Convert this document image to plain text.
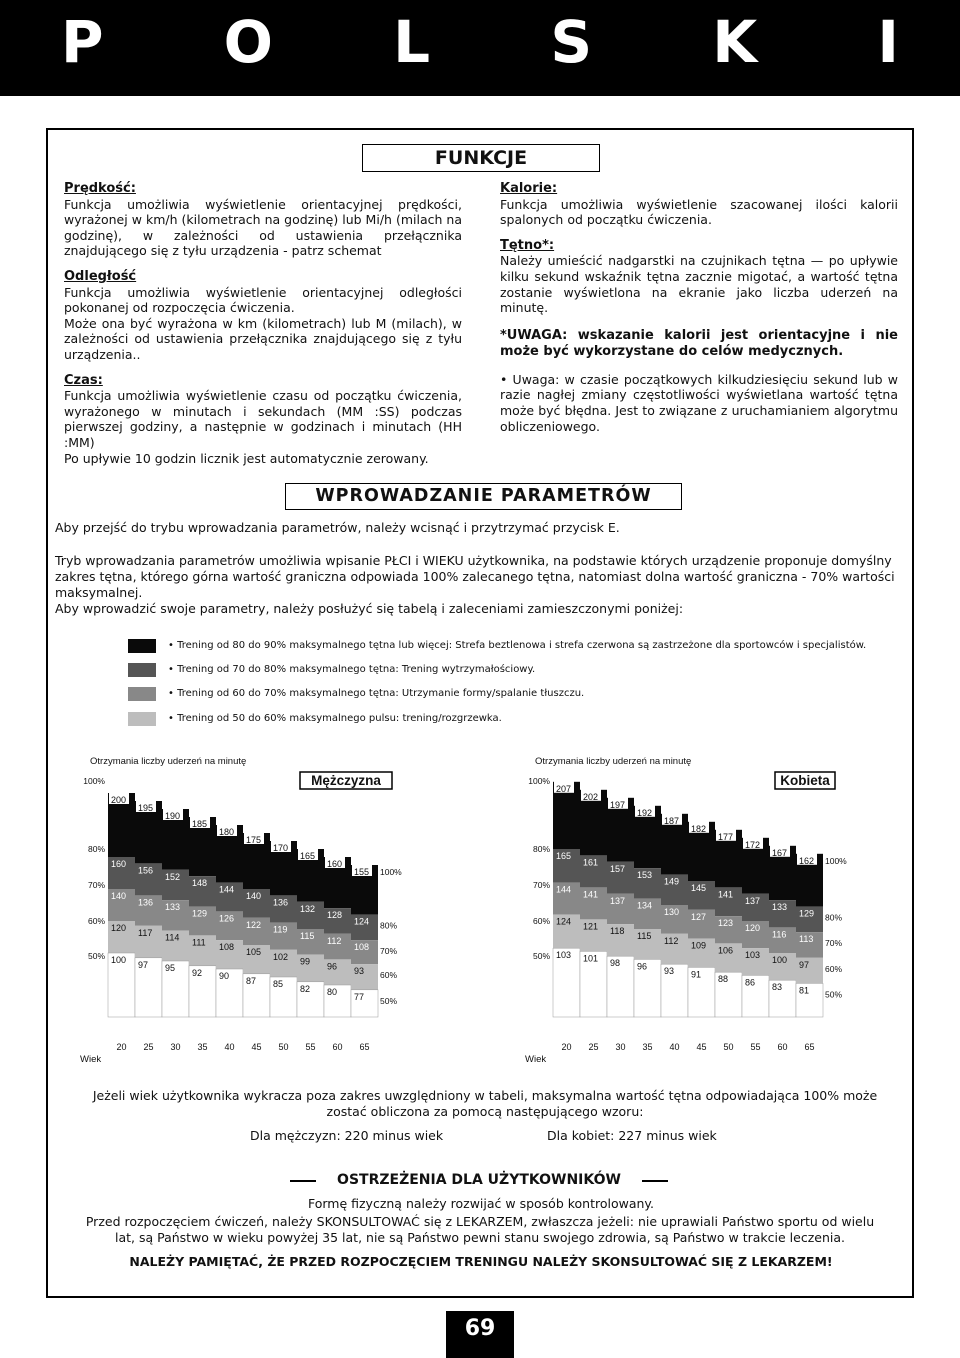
P O L S K I
FUNKCJE
Prędkość:

Funkcja umożliwia wyświetlenie orientacyjnej prędkości, wyrażonej w km/h (kilometrach na godzinę) lub Mi/h (milach na godzinę), w zależności od ustawienia przełącznika znajdującego się z tyłu urządzenia - patrz schemat

Odległość

Funkcja umożliwia wyświetlenie orientacyjnej odległości pokonanej od rozpoczęcia ćwiczenia.

Może ona być wyrażona w km (kilometrach) lub M (milach), w zależności od ustawienia przełącznika znajdującego się z tyłu urządzenia..

Czas:

Funkcja umożliwia wyświetlenie czasu od początku ćwiczenia, wyrażonego w minutach i sekundach (MM :SS) podczas pierwszej godziny, a następnie w godzinach i minutach (HH :MM)

Po upływie 10 godzin licznik jest automatycznie zerowany.

Kalorie:

Funkcja umożliwia wyświetlenie szacowanej ilości kalorii spalonych od początku ćwiczenia.

Tętno*:

Należy umieścić nadgarstki na czujnikach tętna — po upływie kilku sekund wskaźnik tętna zacznie migotać, a wartość tętna zostanie wyświetlona na ekranie jako liczba uderzeń na minutę.

*UWAGA: wskazanie kalorii jest orientacyjne i nie może być wykorzystane do celów medycznych.

• Uwaga: w czasie początkowych kilkudziesięciu sekund lub w razie nagłej zmiany częstotliwości wyświetlana wartość tętna może być błędna. Jest to związane z uruchamianiem algorytmu obliczeniowego.

WPROWADZANIE PARAMETRÓW
Aby przejść do trybu wprowadzania parametrów, należy wcisnąć i przytrzymać przycisk E.
Tryb wprowadzania parametrów umożliwia wpisanie PŁCI i WIEKU użytkownika, na podstawie których urządzenie proponuje domyślny zakres tętna, którego górna wartość graniczna odpowiada 100% zalecanego tętna, natomiast dolna wartość graniczna - 70% wartości maksymalnej.
Aby wprowadzić swoje parametry, należy posłużyć się tabelą i zaleceniami zamieszczonymi poniżej:
• Trening od 80 do 90% maksymalnego tętna lub więcej: Strefa beztlenowa i strefa czerwona są zastrzeżone dla sportowców i specjalistów.
• Trening od 70 do 80% maksymalnego tętna: Trening wytrzymałościowy.
• Trening od 60 do 70% maksymalnego tętna: Utrzymanie formy/spalanie tłuszczu.
• Trening od 50 do 60% maksymalnego pulsu: trening/rozgrzewka.
Otrzymania liczby uderzeń na minutę
Mężczyzna
100%
80%
70%
60%
50%
200
160
140
120
100
20
195
156
136
117
97
25
190
152
133
114
95
30
185
148
129
111
92
35
180
144
126
108
90
40
175
140
122
105
87
45
170
136
119
102
85
50
165
132
115
99
82
55
160
128
112
96
80
60
155
124
108
93
77
65
100%
80%
70%
60%
50%
Wiek
Otrzymania liczby uderzeń na minutę
Kobieta
100%
80%
70%
60%
50%
207
165
144
124
103
20
202
161
141
121
101
25
197
157
137
118
98
30
192
153
134
115
96
35
187
149
130
112
93
40
182
145
127
109
91
45
177
141
123
106
88
50
172
137
120
103
86
55
167
133
116
100
83
60
162
129
113
97
81
65
100%
80%
70%
60%
50%
Wiek
Jeżeli wiek użytkownika wykracza poza zakres uwzględniony w tabeli, maksymalna wartość tętna odpowiadająca 100% może zostać obliczona za pomocą następującego wzoru:
Dla mężczyzn: 220 minus wiek	Dla kobiet: 227 minus wiek
OSTRZEŻENIA DLA UŻYTKOWNIKÓW
Formę fizyczną należy rozwijać w sposób kontrolowany.
Przed rozpoczęciem ćwiczeń, należy SKONSULTOWAĆ się z LEKARZEM, zwłaszcza jeżeli: nie uprawiali Państwo sportu od wielu lat, są Państwo w wieku powyżej 35 lat, nie są Państwo pewni stanu swojego zdrowia, są Państwo w trakcie leczenia.
NALEŻY PAMIĘTAĆ, ŻE PRZED ROZPOCZĘCIEM TRENINGU NALEŻY SKONSULTOWAĆ SIĘ Z LEKARZEM!
69
